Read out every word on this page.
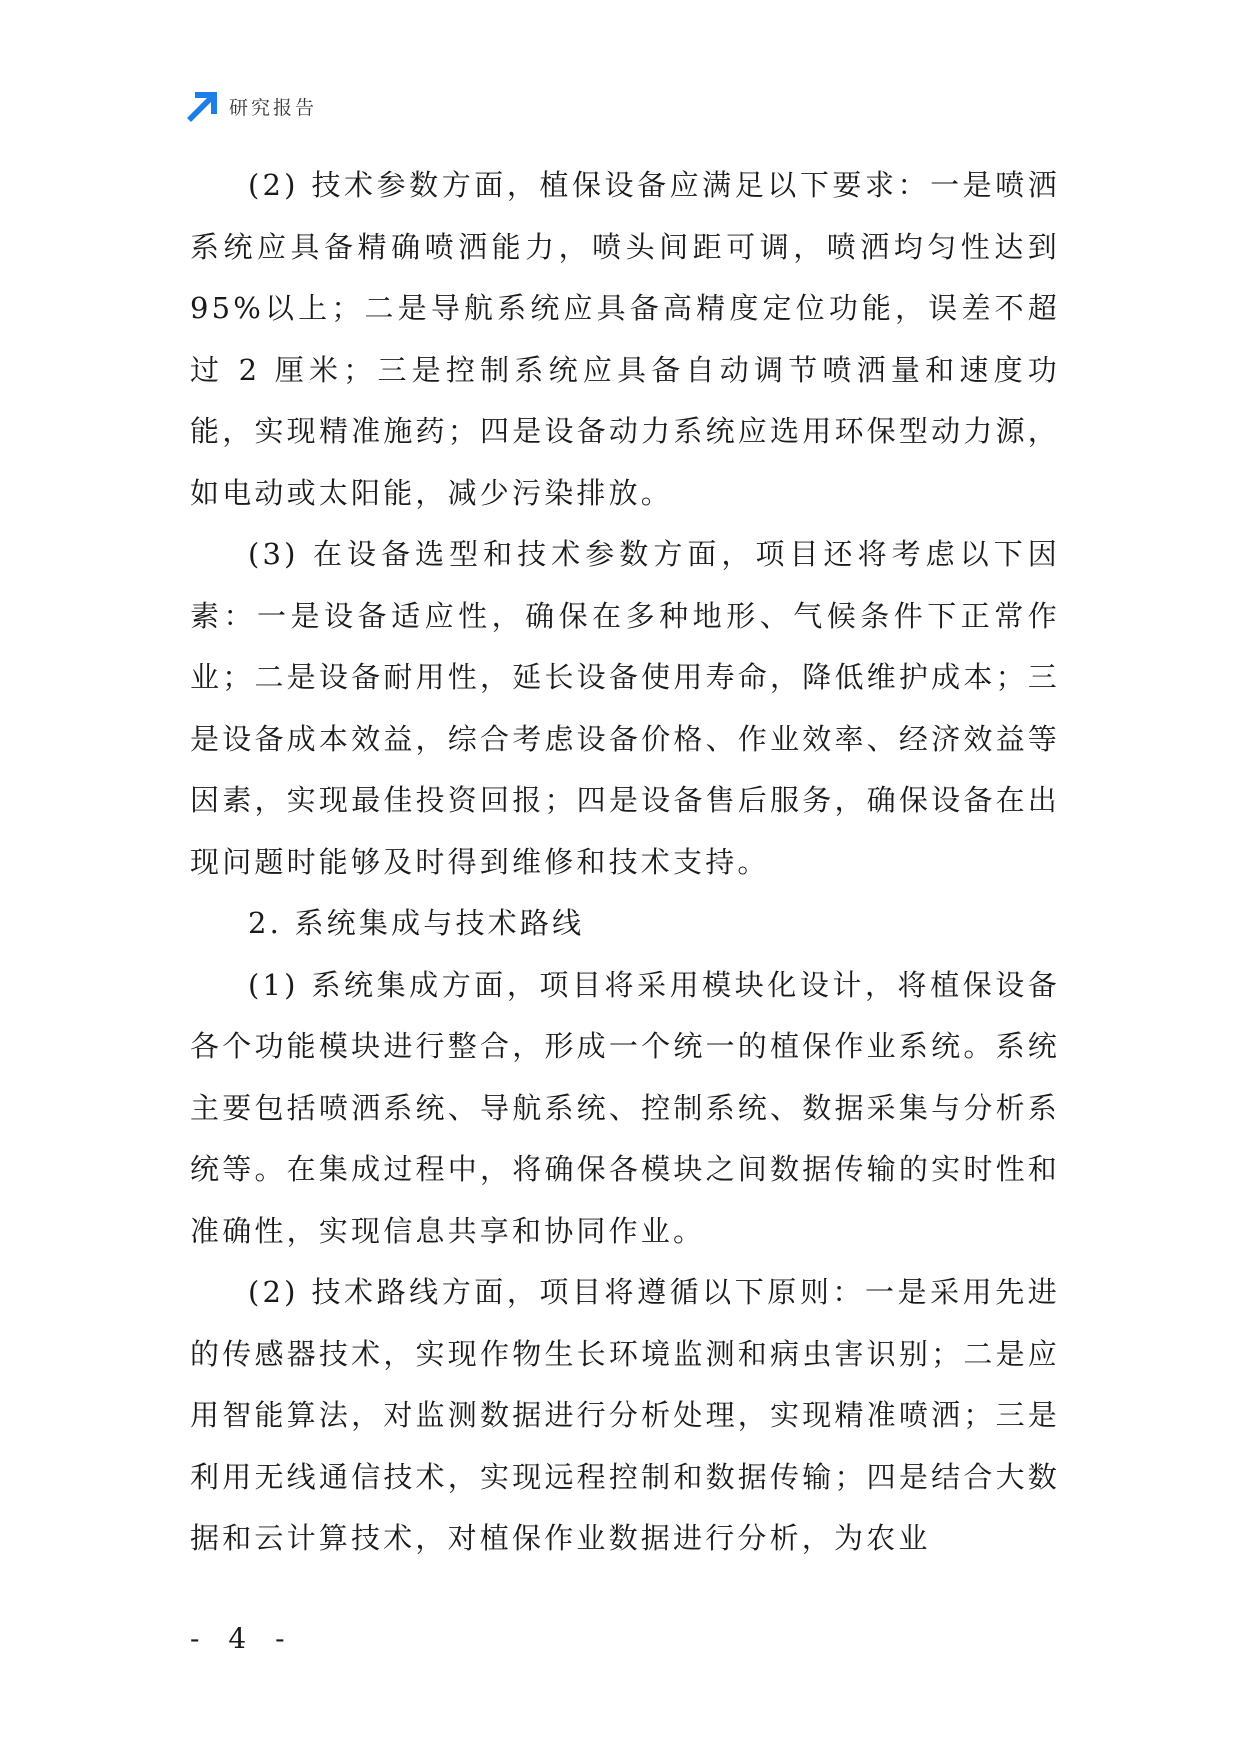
研究报告

(2) 技术参数方面，植保设备应满足以下要求：一是喷洒系统应具备精确喷洒能力，喷头间距可调，喷洒均匀性达到95%以上；二是导航系统应具备高精度定位功能，误差不超过 2 厘米；三是控制系统应具备自动调节喷洒量和速度功能，实现精准施药；四是设备动力系统应选用环保型动力源，如电动或太阳能，减少污染排放。

(3) 在设备选型和技术参数方面，项目还将考虑以下因素：一是设备适应性，确保在多种地形、气候条件下正常作业；二是设备耐用性，延长设备使用寿命，降低维护成本；三是设备成本效益，综合考虑设备价格、作业效率、经济效益等因素，实现最佳投资回报；四是设备售后服务，确保设备在出现问题时能够及时得到维修和技术支持。

2. 系统集成与技术路线

(1) 系统集成方面，项目将采用模块化设计，将植保设备各个功能模块进行整合，形成一个统一的植保作业系统。系统主要包括喷洒系统、导航系统、控制系统、数据采集与分析系统等。在集成过程中，将确保各模块之间数据传输的实时性和准确性，实现信息共享和协同作业。

(2) 技术路线方面，项目将遵循以下原则：一是采用先进的传感器技术，实现作物生长环境监测和病虫害识别；二是应用智能算法，对监测数据进行分析处理，实现精准喷洒；三是利用无线通信技术，实现远程控制和数据传输；四是结合大数据和云计算技术，对植保作业数据进行分析，为农业

- 4 -
